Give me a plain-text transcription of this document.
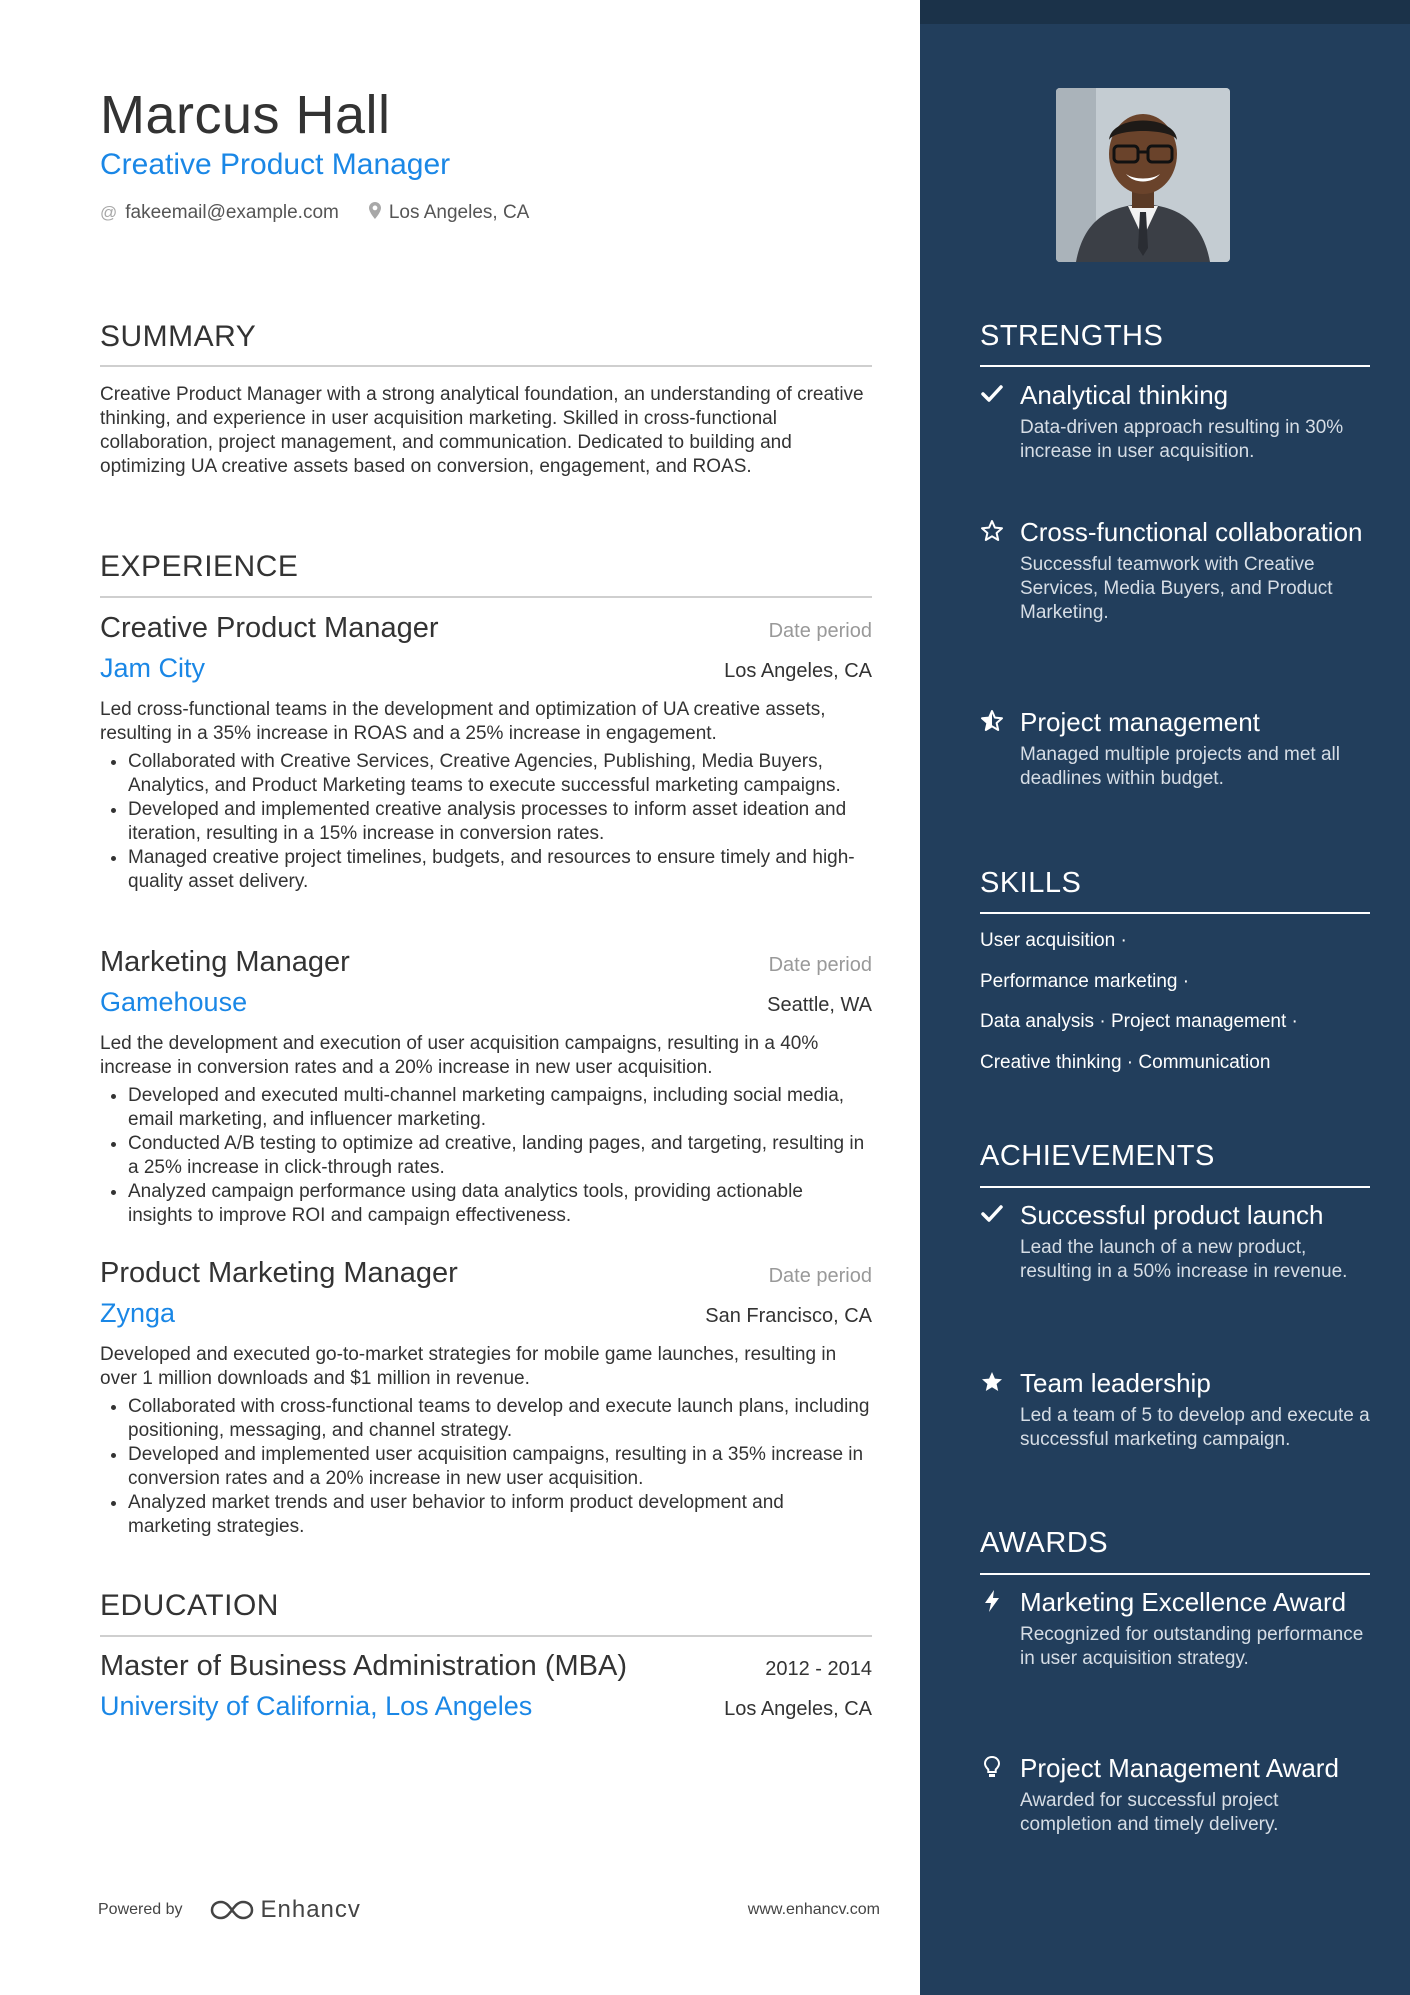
Marcus Hall
Creative Product Manager
@ fakeemail@example.com	Los Angeles, CA
SUMMARY
Creative Product Manager with a strong analytical foundation, an understanding of creative thinking, and experience in user acquisition marketing. Skilled in cross-functional collaboration, project management, and communication. Dedicated to building and optimizing UA creative assets based on conversion, engagement, and ROAS.
EXPERIENCE
Creative Product Manager	Date period
Jam City	Los Angeles, CA
Led cross-functional teams in the development and optimization of UA creative assets, resulting in a 35% increase in ROAS and a 25% increase in engagement.
• Collaborated with Creative Services, Creative Agencies, Publishing, Media Buyers, Analytics, and Product Marketing teams to execute successful marketing campaigns.
• Developed and implemented creative analysis processes to inform asset ideation and iteration, resulting in a 15% increase in conversion rates.
• Managed creative project timelines, budgets, and resources to ensure timely and high-quality asset delivery.
Marketing Manager	Date period
Gamehouse	Seattle, WA
Led the development and execution of user acquisition campaigns, resulting in a 40% increase in conversion rates and a 20% increase in new user acquisition.
• Developed and executed multi-channel marketing campaigns, including social media, email marketing, and influencer marketing.
• Conducted A/B testing to optimize ad creative, landing pages, and targeting, resulting in a 25% increase in click-through rates.
• Analyzed campaign performance using data analytics tools, providing actionable insights to improve ROI and campaign effectiveness.
Product Marketing Manager	Date period
Zynga	San Francisco, CA
Developed and executed go-to-market strategies for mobile game launches, resulting in over 1 million downloads and $1 million in revenue.
• Collaborated with cross-functional teams to develop and execute launch plans, including positioning, messaging, and channel strategy.
• Developed and implemented user acquisition campaigns, resulting in a 35% increase in conversion rates and a 20% increase in new user acquisition.
• Analyzed market trends and user behavior to inform product development and marketing strategies.
EDUCATION
Master of Business Administration (MBA)	2012 - 2014
University of California, Los Angeles	Los Angeles, CA
Powered by	Enhancv	www.enhancv.com
STRENGTHS
Analytical thinking
Data-driven approach resulting in 30% increase in user acquisition.
Cross-functional collaboration
Successful teamwork with Creative Services, Media Buyers, and Product Marketing.
Project management
Managed multiple projects and met all deadlines within budget.
SKILLS
User acquisition ·
Performance marketing ·
Data analysis · Project management ·
Creative thinking · Communication
ACHIEVEMENTS
Successful product launch
Lead the launch of a new product, resulting in a 50% increase in revenue.
Team leadership
Led a team of 5 to develop and execute a successful marketing campaign.
AWARDS
Marketing Excellence Award
Recognized for outstanding performance in user acquisition strategy.
Project Management Award
Awarded for successful project completion and timely delivery.
